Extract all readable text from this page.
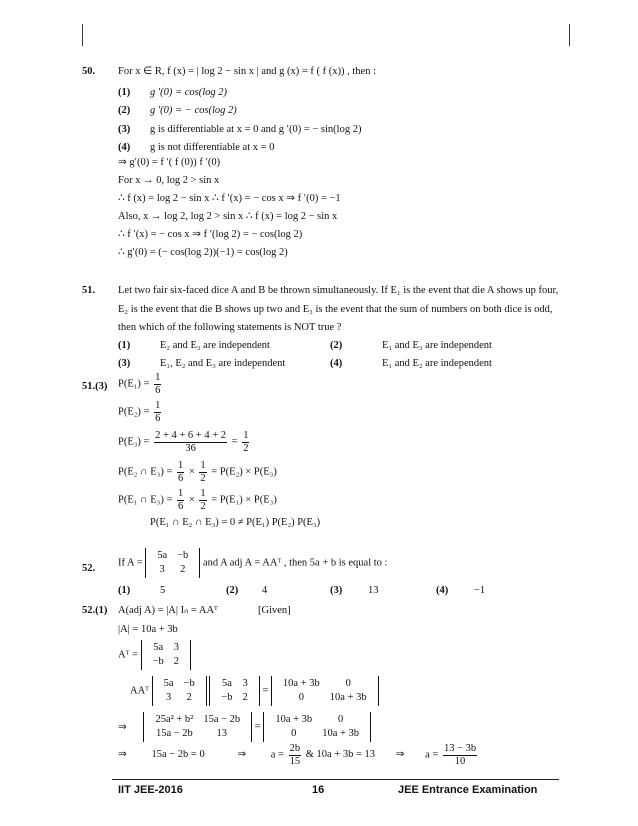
50. For x ∈ R, f (x) = | log 2 − sin x | and g (x) = f ( f (x)) , then :
(1) g ′(0) = cos(log 2)
(2) g ′(0) = − cos(log 2)
(3) g is differentiable at x = 0 and g ′(0) = − sin(log 2)
(4) g is not differentiable at x = 0
⇒ g′(0) = f ′( f (0)) f ′(0)
For x → 0, log 2 > sin x
∴ f (x) = log 2 − sin x ∴ f ′(x) = − cos x ⇒ f ′(0) = −1
Also, x → log 2, log 2 > sin x ∴ f (x) = log 2 − sin x
∴ f ′(x) = − cos x ⇒ f ′(log 2) = − cos(log 2)
∴ g′(0) = (− cos(log 2))(−1) = cos(log 2)
51. Let two fair six-faced dice A and B be thrown simultaneously. If E₁ is the event that die A shows up four,
E₂ is the event that die B shows up two and E₃ is the event that the sum of numbers on both dice is odd,
then which of the following statements is NOT true ?
(1)	E₂ and E₃ are independent	(2)	E₁ and E₃ are independent
(3)	E₁, E₂ and E₃ are independent	(4)	E₁ and E₂ are independent
51.(3) $P(E_1) = \frac{1}{6}$
$P(E_2) = \frac{1}{6}$
$P(E_3) = \frac{2 + 4 + 6 + 4 + 2}{36} = \frac{1}{2}$
P(E₂ ∩ $E_3) = \frac{1}{6} \times \frac{1}{2} = P(E_2) \times P(E_3)$
P(E₁ ∩ $E_3) = \frac{1}{6} \times \frac{1}{2} = P(E_1) \times P(E_3)$
P(E₁ ∩ E₂ ∩ E₃) = 0 ≠ P(E₁) P(E₂) P(E₃)
52. If A =
5a	−b
3	2
and A adj A = AAᵀ , then 5a + b is equal to :
(1)	5	(2) 4	(3) 13	(4) −1
52.(1) A(adj A) = |A| Iₙ = AAᵀ	[Given]
|A| = 10a + 3b
Aᵀ =
5a	3
−b	2
AAᵀ
5a	−b
3	2

5a	3
−b	2
=
10a + 3b	0
0	10a + 3b
⇒
25a² + b²	15a − 2b
15a − 2b	13
=
10a + 3b	0
0	10a + 3b
⇒ 15a − 2b = 0	⇒ $a = \frac{2b}{15}$ & 10a + 3b = 13 ⇒ $a = \frac{13 - 3b}{10}$
IIT JEE-2016	16	JEE Entrance Examination
